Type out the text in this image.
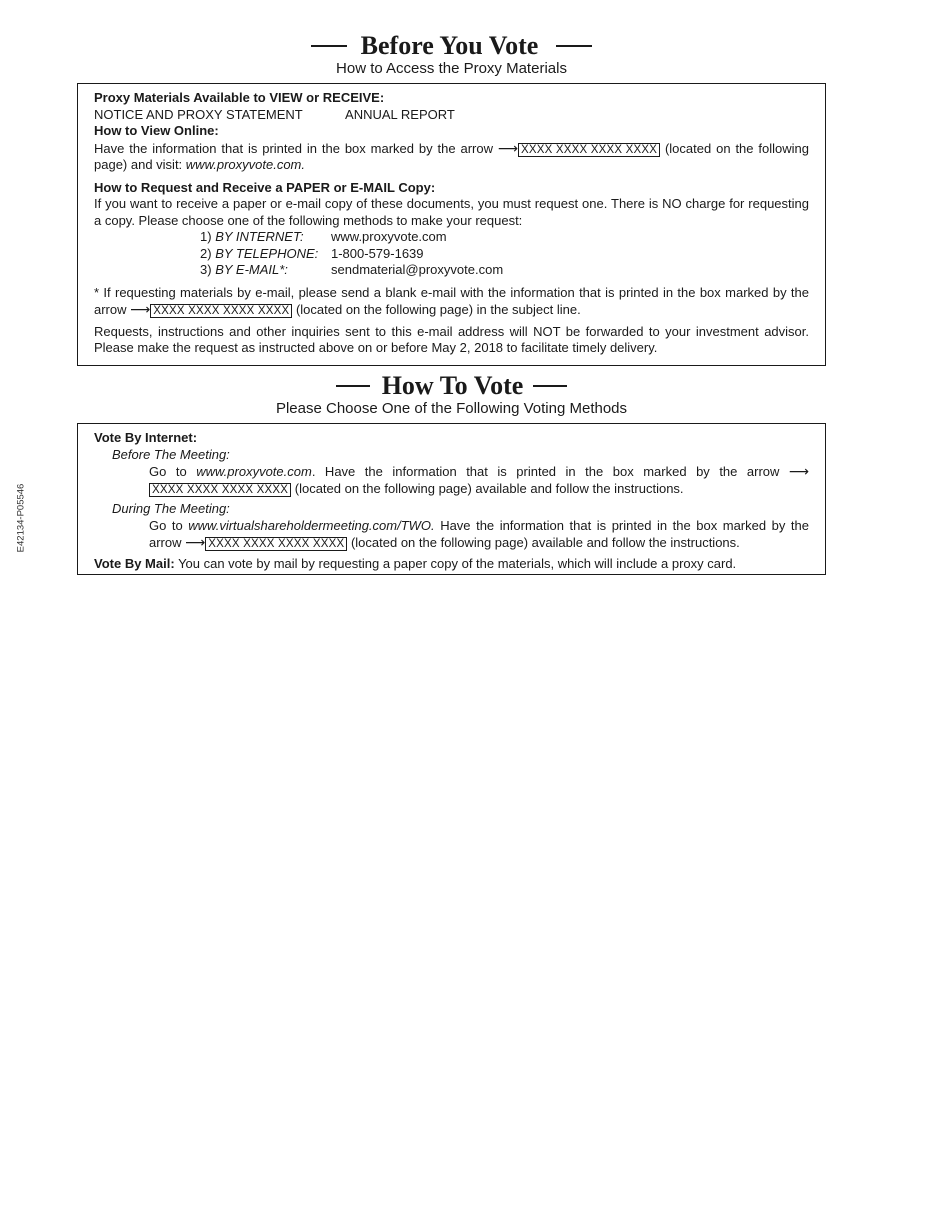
E42134-P05546
Before You Vote
How to Access the Proxy Materials
Proxy Materials Available to VIEW or RECEIVE:
NOTICE AND PROXY STATEMENT	ANNUAL REPORT
How to View Online:
Have the information that is printed in the box marked by the arrow ⟶ XXXX XXXX XXXX XXXX (located on the following page) and visit: www.proxyvote.com.
How to Request and Receive a PAPER or E-MAIL Copy:
If you want to receive a paper or e-mail copy of these documents, you must request one. There is NO charge for requesting a copy. Please choose one of the following methods to make your request:
1) BY INTERNET:	www.proxyvote.com
2) BY TELEPHONE: 1-800-579-1639
3) BY E-MAIL*:	sendmaterial@proxyvote.com
* If requesting materials by e-mail, please send a blank e-mail with the information that is printed in the box marked by the arrow ⟶ XXXX XXXX XXXX XXXX (located on the following page) in the subject line.
Requests, instructions and other inquiries sent to this e-mail address will NOT be forwarded to your investment advisor. Please make the request as instructed above on or before May 2, 2018 to facilitate timely delivery.
How To Vote
Please Choose One of the Following Voting Methods
Vote By Internet:
Before The Meeting:
Go to www.proxyvote.com. Have the information that is printed in the box marked by the arrow ⟶XXXX XXXX XXXX XXXX (located on the following page) available and follow the instructions.
During The Meeting:
Go to www.virtualshareholdermeeting.com/TWO. Have the information that is printed in the box marked by the arrow ⟶ XXXX XXXX XXXX XXXX (located on the following page) available and follow the instructions.
Vote By Mail: You can vote by mail by requesting a paper copy of the materials, which will include a proxy card.
